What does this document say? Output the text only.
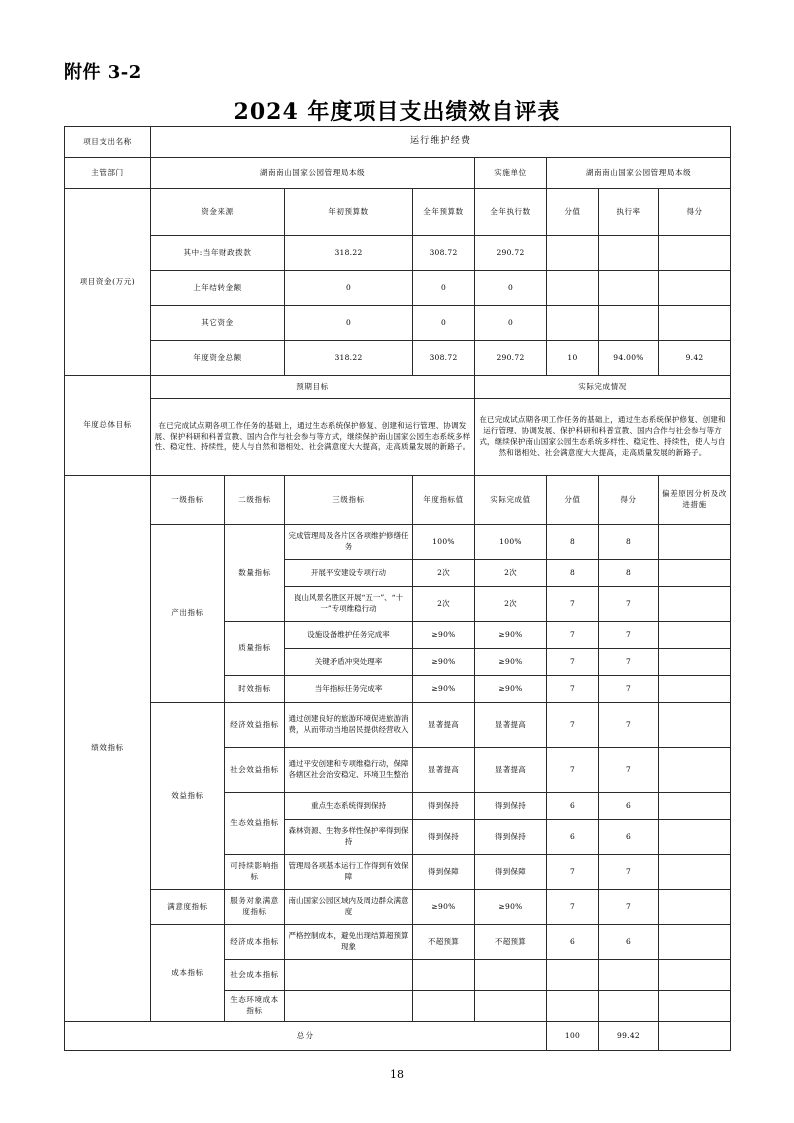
附件 3-2
2024 年度项目支出绩效自评表
项目支出名称	运行维护经费							
主管部门	湖南南山国家公园管理局本级				实施单位	湖南南山国家公园管理局本级		
项目资金(万元)	资金来源		年初预算数	全年预算数	全年执行数	分值	执行率	得分
	其中:当年财政拨款		318.22	308.72	290.72			
	上年结转金额		0	0	0			
	其它资金		0	0	0			
	年度资金总额		318.22	308.72	290.72	10	94.00%	9.42
年度总体目标	预期目标				实际完成情况			
	在已完成试点期各项工作任务的基础上，通过生态系统保护修复、创建和运行管理、协调发展、保护科研和科普宣教、国内合作与社会参与等方式，继续保护南山国家公园生态系统多样性、稳定性、持续性，使人与自然和谐相处、社会满意度大大提高，走高质量发展的新路子。				在已完成试点期各项工作任务的基础上，通过生态系统保护修复、创建和运行管理、协调发展、保护科研和科普宣教、国内合作与社会参与等方式，继续保护南山国家公园生态系统多样性、稳定性、持续性，使人与自然和谐相处、社会满意度大大提高，走高质量发展的新路子。			
绩效指标	一级指标	二级指标	三级指标	年度指标值	实际完成值	分值	得分	偏差原因分析及改进措施
	产出指标	数量指标	完成管理局及各片区各项维护修缮任务	100%	100%	8	8	
			开展平安建设专项行动	2次	2次	8	8	
			崀山风景名胜区开展“五一”、“十一”专项维稳行动	2次	2次	7	7	
		质量指标	设施设备维护任务完成率	≥90%	≥90%	7	7	
			关键矛盾冲突处理率	≥90%	≥90%	7	7	
		时效指标	当年指标任务完成率	≥90%	≥90%	7	7	
	效益指标	经济效益指标	通过创建良好的旅游环境促进旅游消费，从而带动当地居民提供经营收入	显著提高	显著提高	7	7	
		社会效益指标	通过平安创建和专项维稳行动，保障各辖区社会治安稳定、环境卫生整治	显著提高	显著提高	7	7	
		生态效益指标	重点生态系统得到保持	得到保持	得到保持	6	6	
			森林资源、生物多样性保护率得到保持	得到保持	得到保持	6	6	
		可持续影响指标	管理局各项基本运行工作得到有效保障	得到保障	得到保障	7	7	
	满意度指标	服务对象满意度指标	南山国家公园区域内及周边群众满意度	≥90%	≥90%	7	7	
	成本指标	经济成本指标	严格控制成本，避免出现结算超预算现象	不超预算	不超预算	6	6	
		社会成本指标						
		生态环境成本指标						
总分						100	99.42	
18
